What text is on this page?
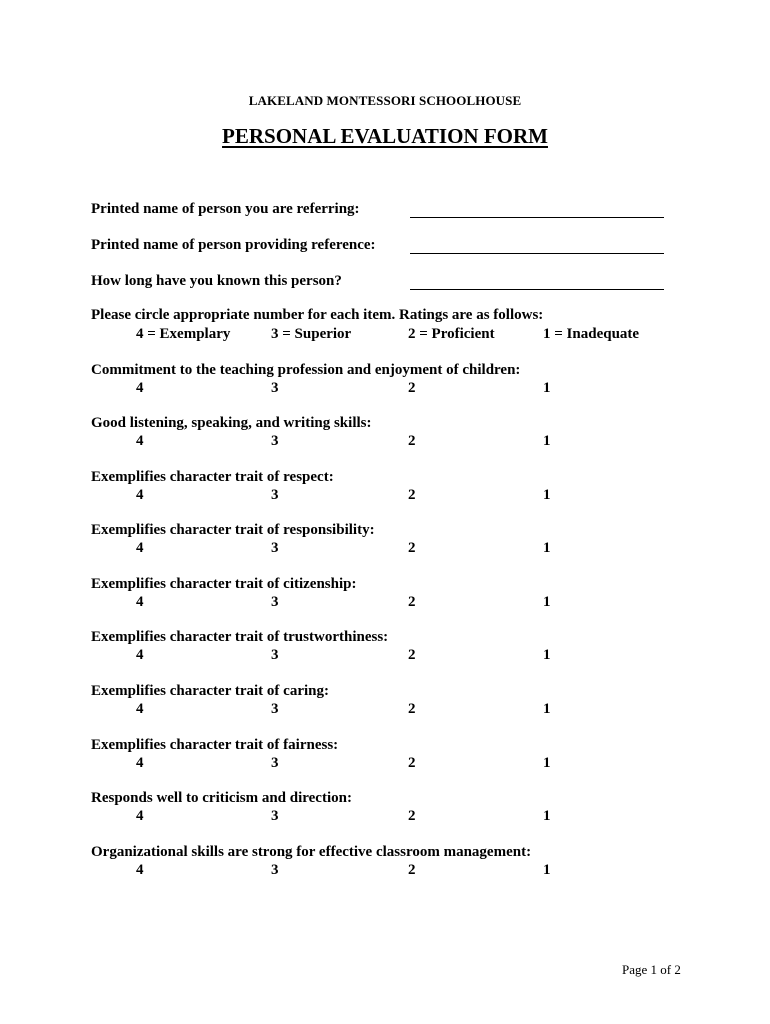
LAKELAND MONTESSORI SCHOOLHOUSE
PERSONAL EVALUATION FORM
Printed name of person you are referring:
Printed name of person providing reference:
How long have you known this person?
Please circle appropriate number for each item. Ratings are as follows:
4 = Exemplary	3 = Superior	2 = Proficient	1 = Inadequate
Commitment to the teaching profession and enjoyment of children:
4	3	2	1
Good listening, speaking, and writing skills:
4	3	2	1
Exemplifies character trait of respect:
4	3	2	1
Exemplifies character trait of responsibility:
4	3	2	1
Exemplifies character trait of citizenship:
4	3	2	1
Exemplifies character trait of trustworthiness:
4	3	2	1
Exemplifies character trait of caring:
4	3	2	1
Exemplifies character trait of fairness:
4	3	2	1
Responds well to criticism and direction:
4	3	2	1
Organizational skills are strong for effective classroom management:
4	3	2	1
Page 1 of 2
